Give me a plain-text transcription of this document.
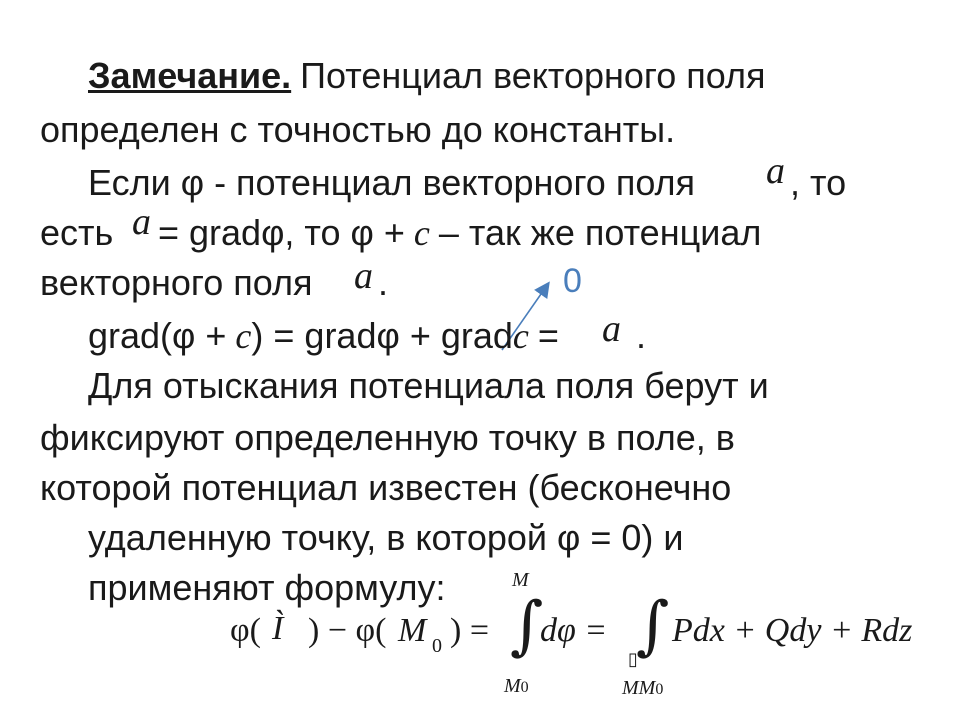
Замечание. Потенциал векторного поля
определен с точностью до константы.
Если φ - потенциал векторного поля a , то
есть a = gradφ, то φ + c – так же потенциал
векторного поля a .	0
grad(φ + c) = gradφ + gradc = a .
Для отыскания потенциала поля берут и
фиксируют определенную точку в поле, в
которой потенциал известен (бесконечно
удаленную точку, в которой φ = 0) и
применяют формулу:
φ( Ì ) − φ( M 0 ) =
M
∫
M0
dφ =
▯
∫
MM0
Pdx + Qdy + Rdz
